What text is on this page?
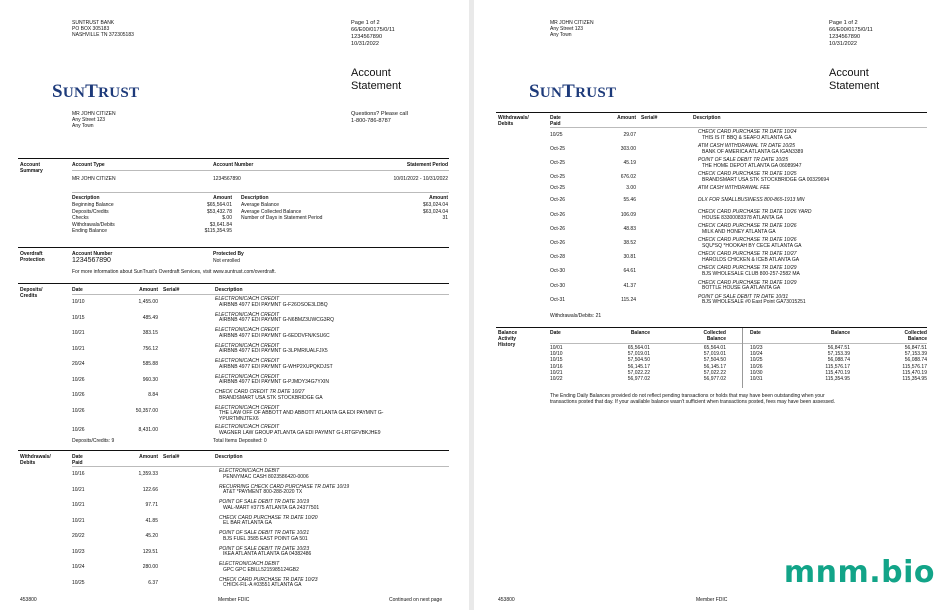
SUNTRUST BANK
PO BOX 305183
NASHVILLE TN 372305183
Page 1 of 2
66/E00/0175/0/11
1234567890
10/31/2022
Account
Statement
SUNTRUST
MR JOHN CITIZEN
Any Street 123
Any Town
Questions? Please call
1-800-786-8787
Account
Summary
Account Type	Account Number	Statement Period
MR JOHN CITIZEN	1234567890	10/01/2022 - 10/31/2022
Description	Amount Description	Amount
Beginning Balance	$65,564.01
Deposits/Credits	$53,432.78
Checks	$.00
Withdrawals/Debits	$3,641.84
Ending Balance	$115,354.95
Average Balance	$63,024.04
Average Collected Balance	$63,024.04
Number of Days in Statement Period	31
Overdraft
Protection
Account Number
1234567890
Protected By
Not enrolled
For more information about SunTrust's Overdraft Services, visit www.suntrust.com/overdraft.
Deposits/
Credits
Date	Amount Serial#	Description
10/10	1,455.00	ELECTRONIC/ACH CREDIT
AIRBNB 4977 EDI PAYMNT G-F26OSOE3LDBQ
10/15	485.49	ELECTRONIC/ACH CREDIT
AIRBNB 4977 EDI PAYMNT G-N6BMZ3UWCG3RQ
10/21	383.15	ELECTRONIC/ACH CREDIT
AIRBNB 4977 EDI PAYMNT G-6EDDVFN/KSU6C
10/21	756.12	ELECTRONIC/ACH CREDIT
AIRBNB 4977 EDI PAYMNT G-3LPMRIUALFJX5
20/24	585.88	ELECTRONIC/ACH CREDIT
AIRBNB 4977 EDI PAYMNT G-WHP2XUPQKDJST
10/26	960.30	ELECTRONIC/ACH CREDIT
AIRBNB 4977 EDI PAYMNT G-PJMDY34G7YXIN
10/26	8.84	CHECK CARD CREDIT TR DATE 10/27
BRANDSMART USA STK STOCKBRIDGE GA
10/26	50,357.00	ELECTRONIC/ACH CREDIT
THE LAW OFF OF ABBOTT AND ABBOTT ATLANTA GA EDI PAYMNT G-
YPURTMNJTEX6
10/26	8,431.00	ELECTRONIC/ACH CREDIT
WAGNER LAW GROUP ATLANTA GA EDI PAYMNT G-LRTGFVBKJHE9
Deposits/Credits: 9	Total Items Deposited: 0
Withdrawals/
Debits
Date
Paid
Amount Serial#	Description
10/16	1,359.33	ELECTRONIC/ACH DEBIT
PENNYMAC CASH 8023586420-0006
10/21	122.66	RECURRING CHECK CARD PURCHASE TR DATE 10/19
AT&T *PAYMENT 800-288-2020 TX
10/21	97.71	POINT OF SALE DEBIT TR DATE 10/19
WAL-MART #3775 ATLANTA GA 24377501
10/21	41.85	CHECK CARD PURCHASE TR DATE 10/20
EL BAR ATLANTA GA
20/22	45.20	POINT OF SALE DEBIT TR DATE 10/21
BJS FUEL 3585 EAST POINT GA 501
10/23	129.51	POINT OF SALE DEBIT TR DATE 10/23
IKEA ATLANTA ATLANTA GA 04382486
10/24	280.00	ELECTRONIC/ACH DEBIT
GPC GPC EBILL5215985124GB2
10/25	6.37	CHECK CARD PURCHASE TR DATE 10/23
CHICK-FIL-A #03551 ATLANTA GA
453800	Member FDIC	Continued on next page
MR JOHN CITIZEN
Any Street 123
Any Town
Page 1 of 2
66/E00/0175/0/11
1234567890
10/31/2022
Account
Statement
SUNTRUST
Withdrawals/
Debits
Date
Paid
Amount Serial#	Description
10/25	29.07	CHECK CARD PURCHASE TR DATE 10/24
THIS IS IT BBQ & SEAFO ATLANTA GA
Oct-25	303.00	ATM CASH WITHDRAWAL TR DATE 10/25
BANK OF AMERICA ATLANTA GA IGAN3389
Oct-25	45.19	POINT OF SALE DEBIT TR DATE 10/25
THE HOME DEPOT ATLANTA GA 06089947
Oct-25	676.02	CHECK CARD PURCHASE TR DATE 10/25
BRANDSMART USA STK STOCKBRIDGE GA 00329694
Oct-25	3.00	ATM CASH WITHDRAWAL FEE
Oct-26	55.46	DLX FOR SMALLBUSINESS 800-865-1913 MN
Oct-26	106.09	CHECK CARD PURCHASE TR DATE 10/26 YARD
HOUSE 83300083378 ATLANTA GA
Oct-26	48.83	CHECK CARD PURCHASE TR DATE 10/26
MILK AND HONEY ATLANTA GA
Oct-26	38.52	CHECK CARD PURCHASE TR DATE 10/26
SQU*SQ *HOOKAH BY CECE ATLANTA GA
Oct-28	30.81	CHECK CARD PURCHASE TR DATE 10/27
HAROLDS CHICKEN & ICEB ATLANTA GA
Oct-30	64.61	CHECK CARD PURCHASE TR DATE 10/29
BJS WHOLESALE CLUB 800-257-2582 MA
Oct-30	41.37	CHECK CARD PURCHASE TR DATE 10/29
BOTTLE HOUSE GA ATLANTA GA
Oct-31	115.24	POINT OF SALE DEBIT TR DATE 10/31
BJS WHOLESALE #0 East Point GA73015251
Withdrawals/Debits: 21
Balance
Activity
History
Date	Balance	Collected
Balance
Date	Balance	Collected
Balance
10/01	65,564.01	65,564.01
10/10	57,019.01	57,019.01
10/15	57,504.50	57,504.50
10/16	56,145.17	56,145.17
10/21	57,022.22	57,022.22
10/22	56,977.02	56,977.02
10/23	56,847.51	56,847.51
10/24	57,153.39	57,153.39
10/25	56,088.74	56,088.74
10/26	115,576.17	115,576.17
10/30	115,470.19	115,470.19
10/31	115,354.95	115,354.95
The Ending Daily Balances provided do not reflect pending transactions or holds that may have been outstanding when your
transactions posted that day. If your available balance wasn't sufficient when transactions posted, fees may have been assessed.
453800	Member FDIC
mnm.bio
